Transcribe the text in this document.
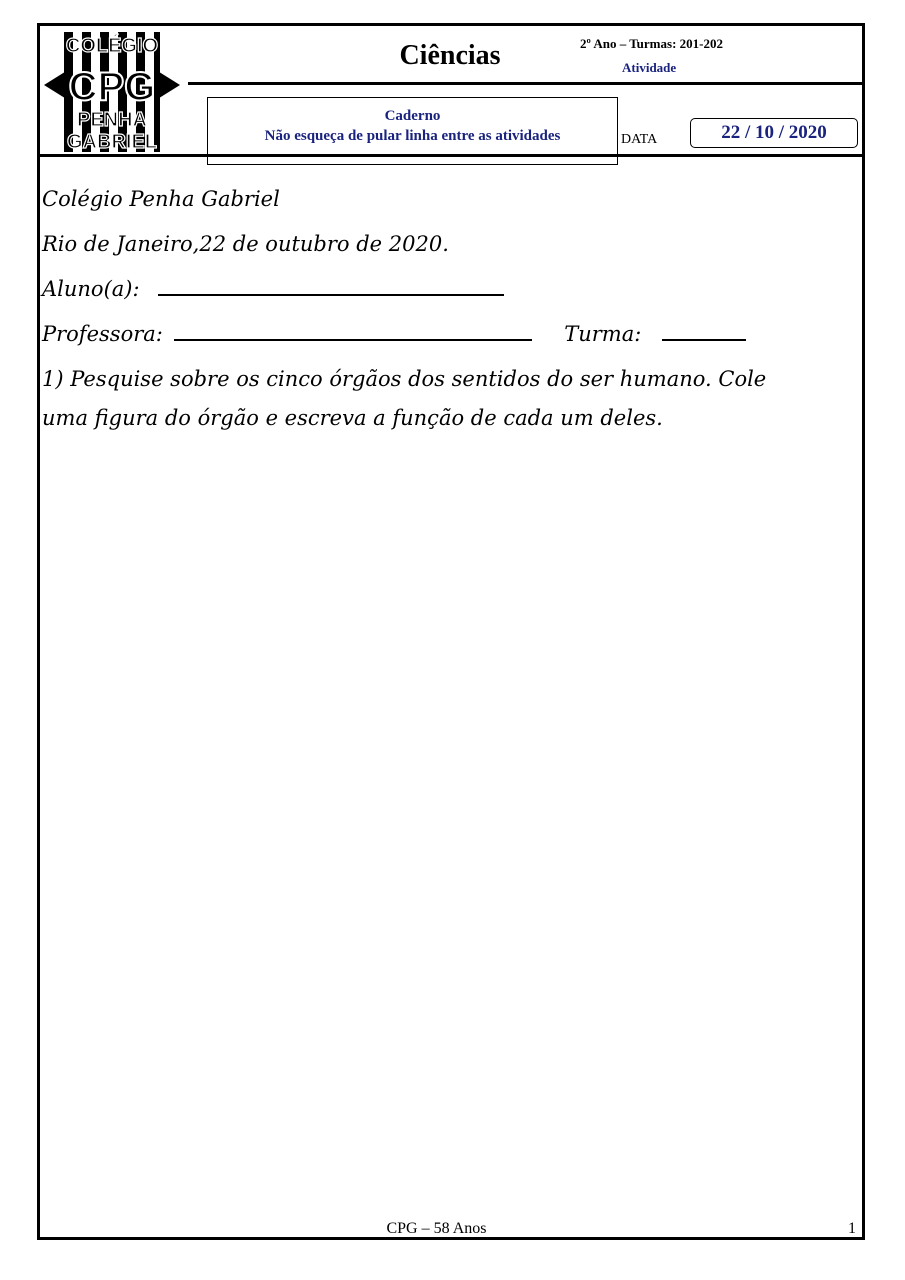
COLÉGIO
CPG
PENHA
GABRIEL
Ciências	2º Ano – Turmas: 201-202
Atividade
Caderno
Não esqueça de pular linha entre as atividades	DATA	22 / 10 / 2020
Colégio Penha Gabriel
Rio de Janeiro,22 de outubro de 2020.
Aluno(a):
Professora:	Turma:
1) Pesquise sobre os cinco órgãos dos sentidos do ser humano. Cole
uma figura do órgão e escreva a função de cada um deles.
CPG – 58 Anos	1
